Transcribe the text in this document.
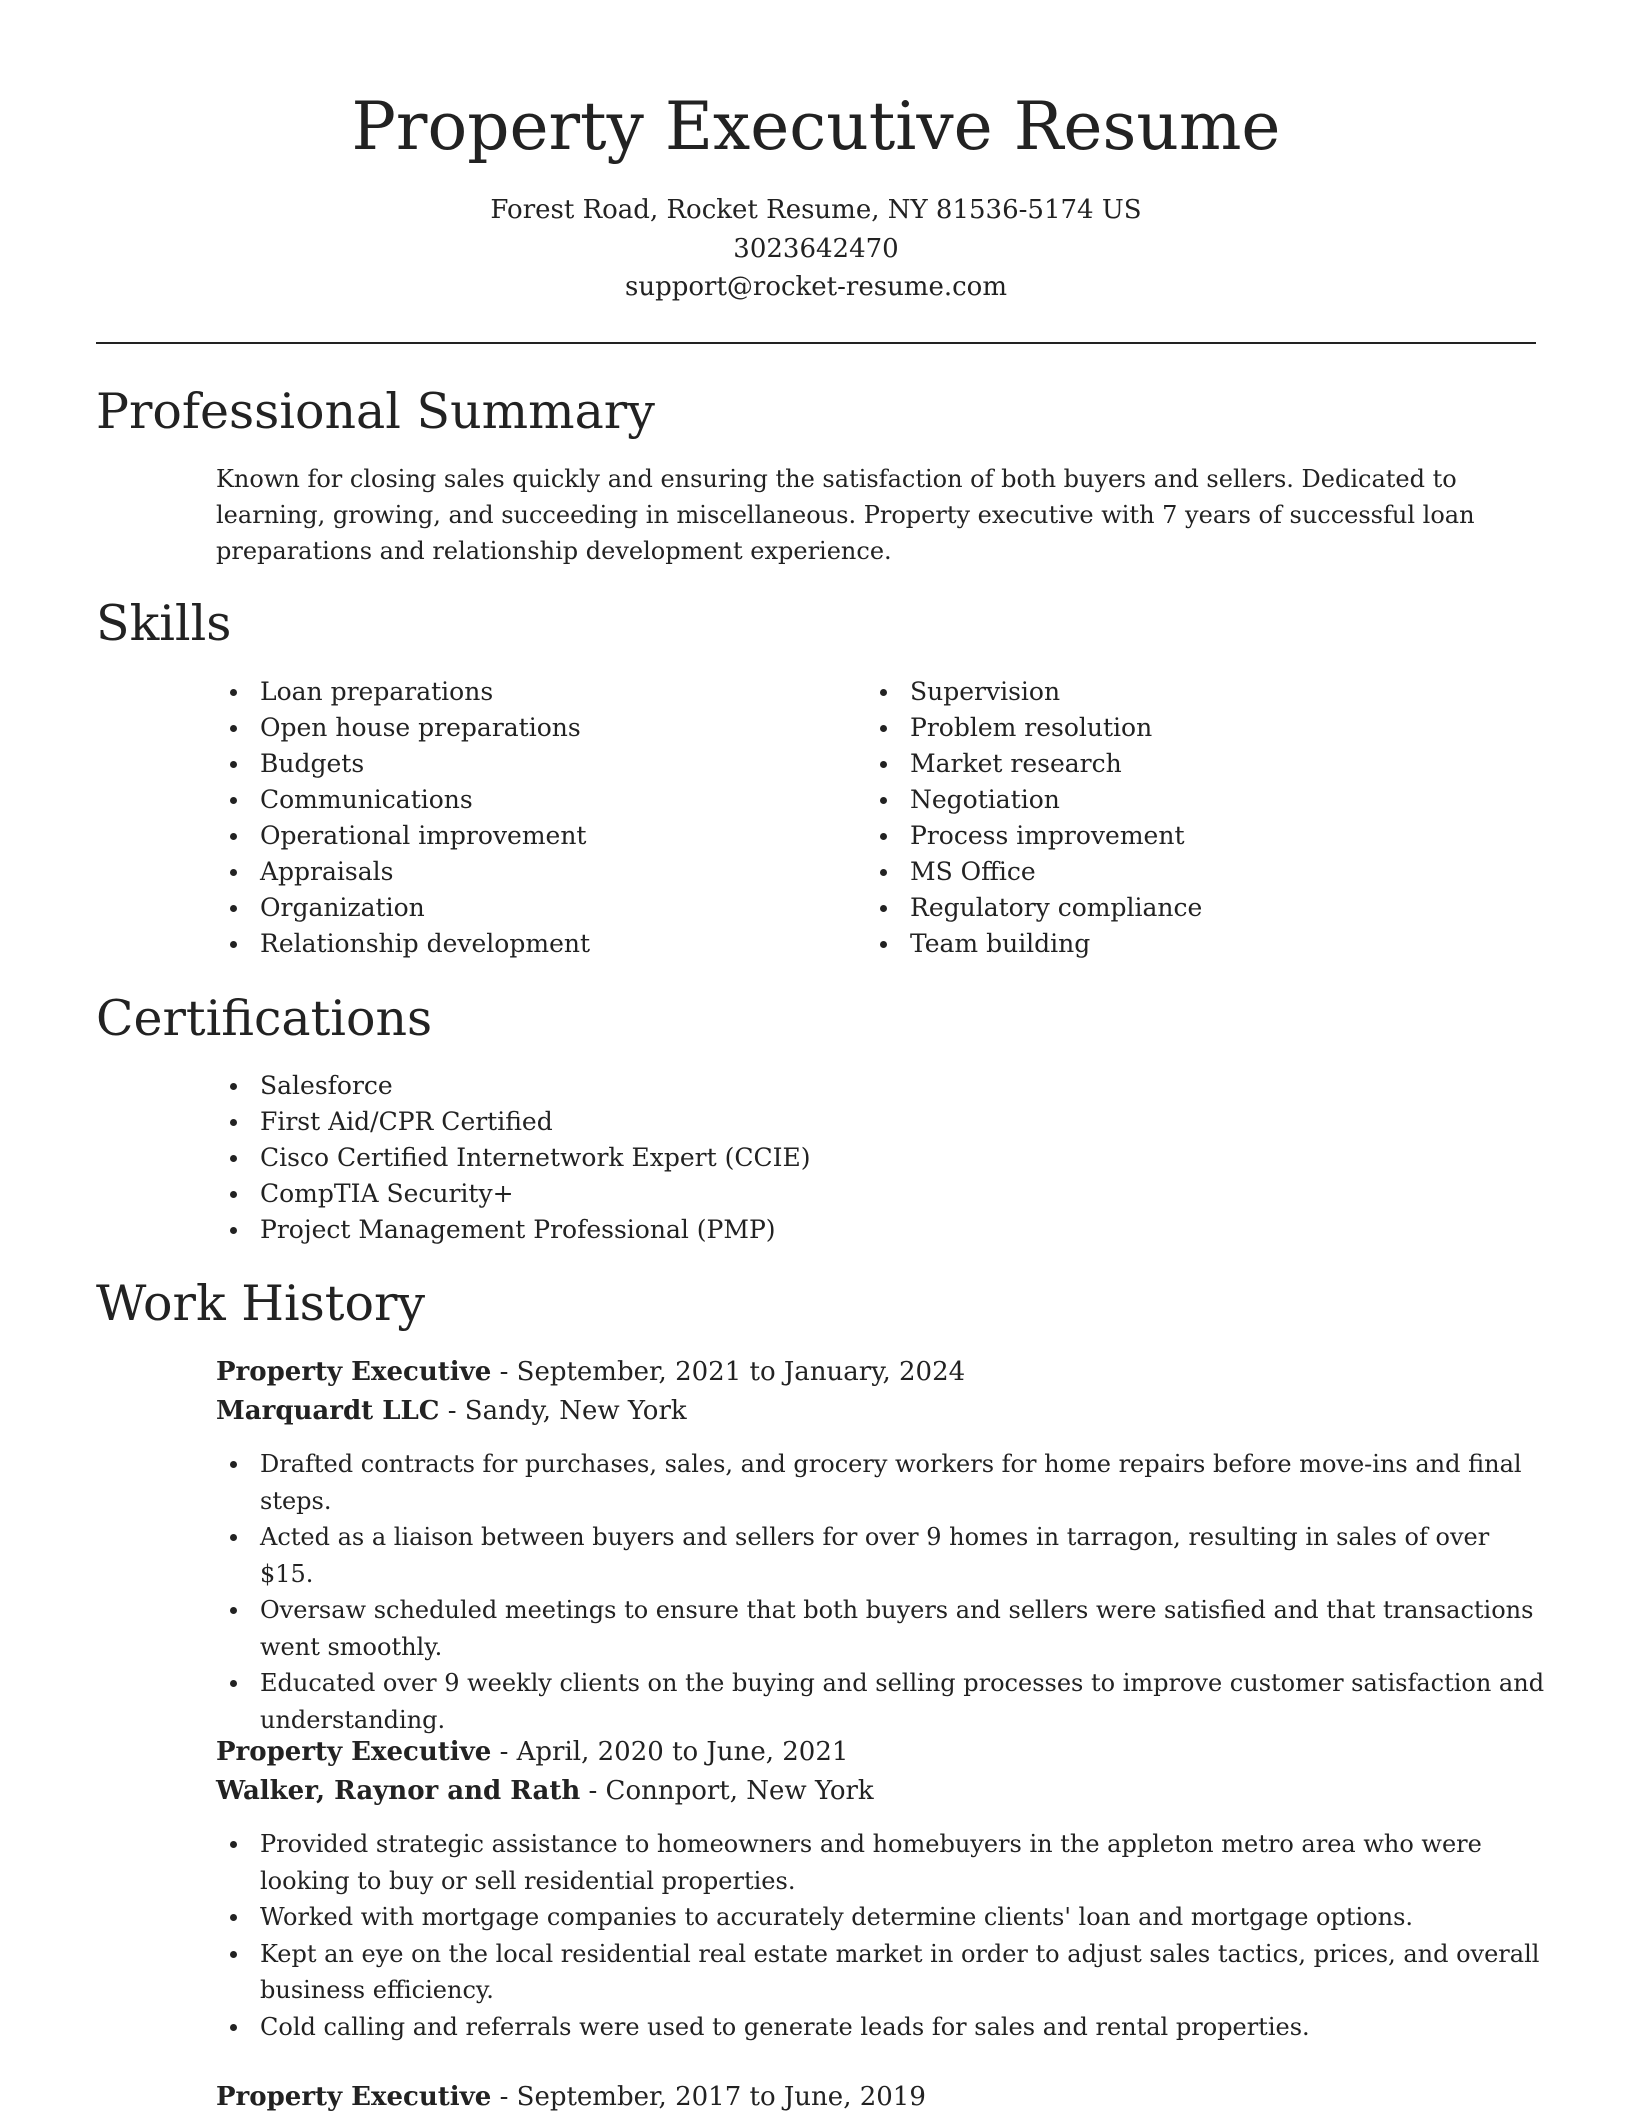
Property Executive Resume
Forest Road, Rocket Resume, NY 81536-5174 US
3023642470
support@rocket-resume.com
Professional Summary

Known for closing sales quickly and ensuring the satisfaction of both buyers and sellers. Dedicated to learning, growing, and succeeding in miscellaneous. Property executive with 7 years of successful loan preparations and relationship development experience.

Skills
Loan preparations
Open house preparations
Budgets
Communications
Operational improvement
Appraisals
Organization
Relationship development
Supervision
Problem resolution
Market research
Negotiation
Process improvement
MS Office
Regulatory compliance
Team building
Certifications
Salesforce
First Aid/CPR Certified
Cisco Certified Internetwork Expert (CCIE)
CompTIA Security+
Project Management Professional (PMP)
Work History
Property Executive - September, 2021 to January, 2024
Marquardt LLC - Sandy, New York
Drafted contracts for purchases, sales, and grocery workers for home repairs before move-ins and final steps.
Acted as a liaison between buyers and sellers for over 9 homes in tarragon, resulting in sales of over $15.
Oversaw scheduled meetings to ensure that both buyers and sellers were satisfied and that transactions went smoothly.
Educated over 9 weekly clients on the buying and selling processes to improve customer satisfaction and understanding.
Property Executive - April, 2020 to June, 2021
Walker, Raynor and Rath - Connport, New York
Provided strategic assistance to homeowners and homebuyers in the appleton metro area who were looking to buy or sell residential properties.
Worked with mortgage companies to accurately determine clients' loan and mortgage options.
Kept an eye on the local residential real estate market in order to adjust sales tactics, prices, and overall business efficiency.
Cold calling and referrals were used to generate leads for sales and rental properties.
Property Executive - September, 2017 to June, 2019
